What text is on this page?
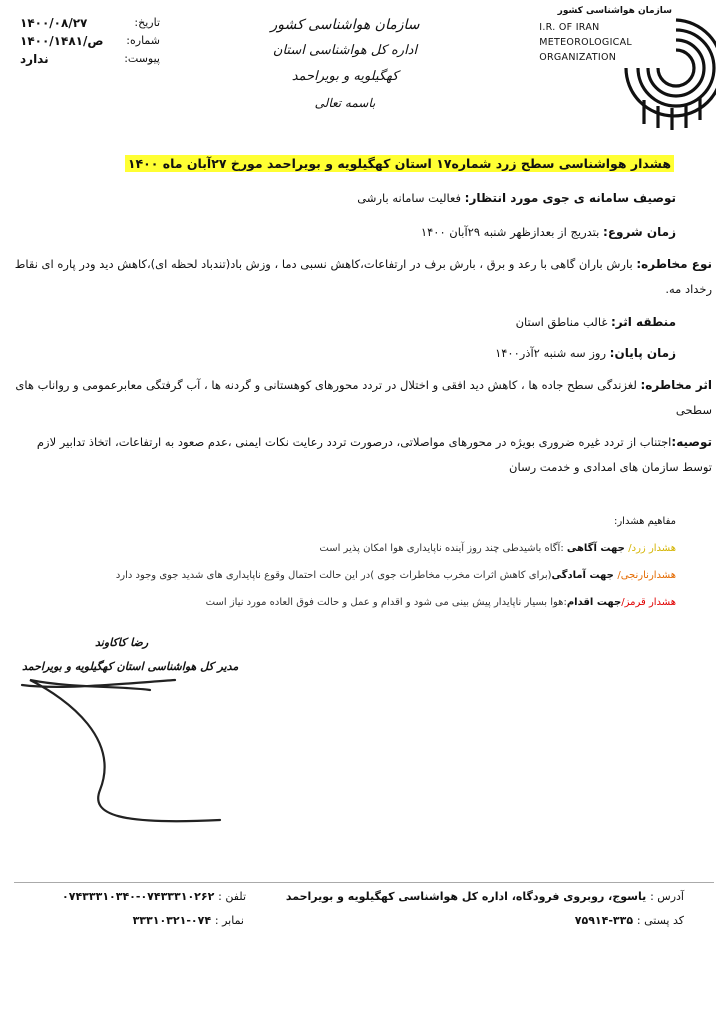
تاریخ:
۱۴۰۰/۰۸/۲۷
شماره:
۱۴۰۰/۱۴۸۱/ص
پیوست:
ندارد
سازمان هواشناسی کشور
اداره کل هواشناسی استان کهگیلویه و بویراحمد
باسمه تعالی
سازمان هواشناسی کشور
I.R. OF IRAN
METEOROLOGICAL
ORGANIZATION
هشدار هواشناسی سطح زرد شماره۱۷ استان کهگیلویه و بویراحمد مورخ ۲۷آبان ماه ۱۴۰۰
توصیف سامانه ی جوی مورد انتظار: فعالیت سامانه بارشی
زمان شروع: بتدریج از بعدازظهر شنبه ۲۹آبان ۱۴۰۰
نوع مخاطره: بارش باران گاهی با رعد و برق ، بارش برف در ارتفاعات،کاهش نسبی دما ، وزش باد(تندباد لحظه ای)،کاهش دید ودر پاره ای نقاط رخداد مه.
منطقه اثر: غالب مناطق استان
زمان پایان: روز سه شنبه ۲آذر۱۴۰۰
اثر مخاطره: لغزندگی سطح جاده ها ، کاهش دید افقی و اختلال در تردد محورهای کوهستانی و گردنه ها ، آب گرفتگی معابرعمومی و رواناب های سطحی
توصیه:اجتناب از تردد غیره ضروری بویژه در محورهای مواصلاتی، درصورت تردد رعایت نکات ایمنی ،عدم صعود به ارتفاعات، اتخاذ تدابیر لازم توسط سازمان های امدادی و خدمت رسان
مفاهیم هشدار:
هشدار زرد/ جهت آگاهی :آگاه باشیدطی چند روز آینده ناپایداری هوا امکان پذیر است
هشدارنارنجی/ جهت آمادگی(برای کاهش اثرات مخرب مخاطرات جوی )در این حالت احتمال وقوع ناپایداری های شدید جوی وجود دارد
هشدار قرمز/جهت اقدام:هوا بسیار ناپایدار پیش بینی می شود و اقدام و عمل و حالت فوق العاده مورد نیاز است
رضا کاکاوند
مدیر کل هواشناسی استان کهگیلویه و بویراحمد
آدرس : یاسوج، روبروی فرودگاه، اداره کل هواشناسی کهگیلویه و بویراحمد
تلفن : ۰۷۴۳۳۳۱۰۳۴۰-۰۷۴۳۳۳۱۰۲۶۲
کد پستی : ۳۳۵-۷۵۹۱۴
نمابر : ۰۷۴-۳۳۳۱۰۳۲۱
